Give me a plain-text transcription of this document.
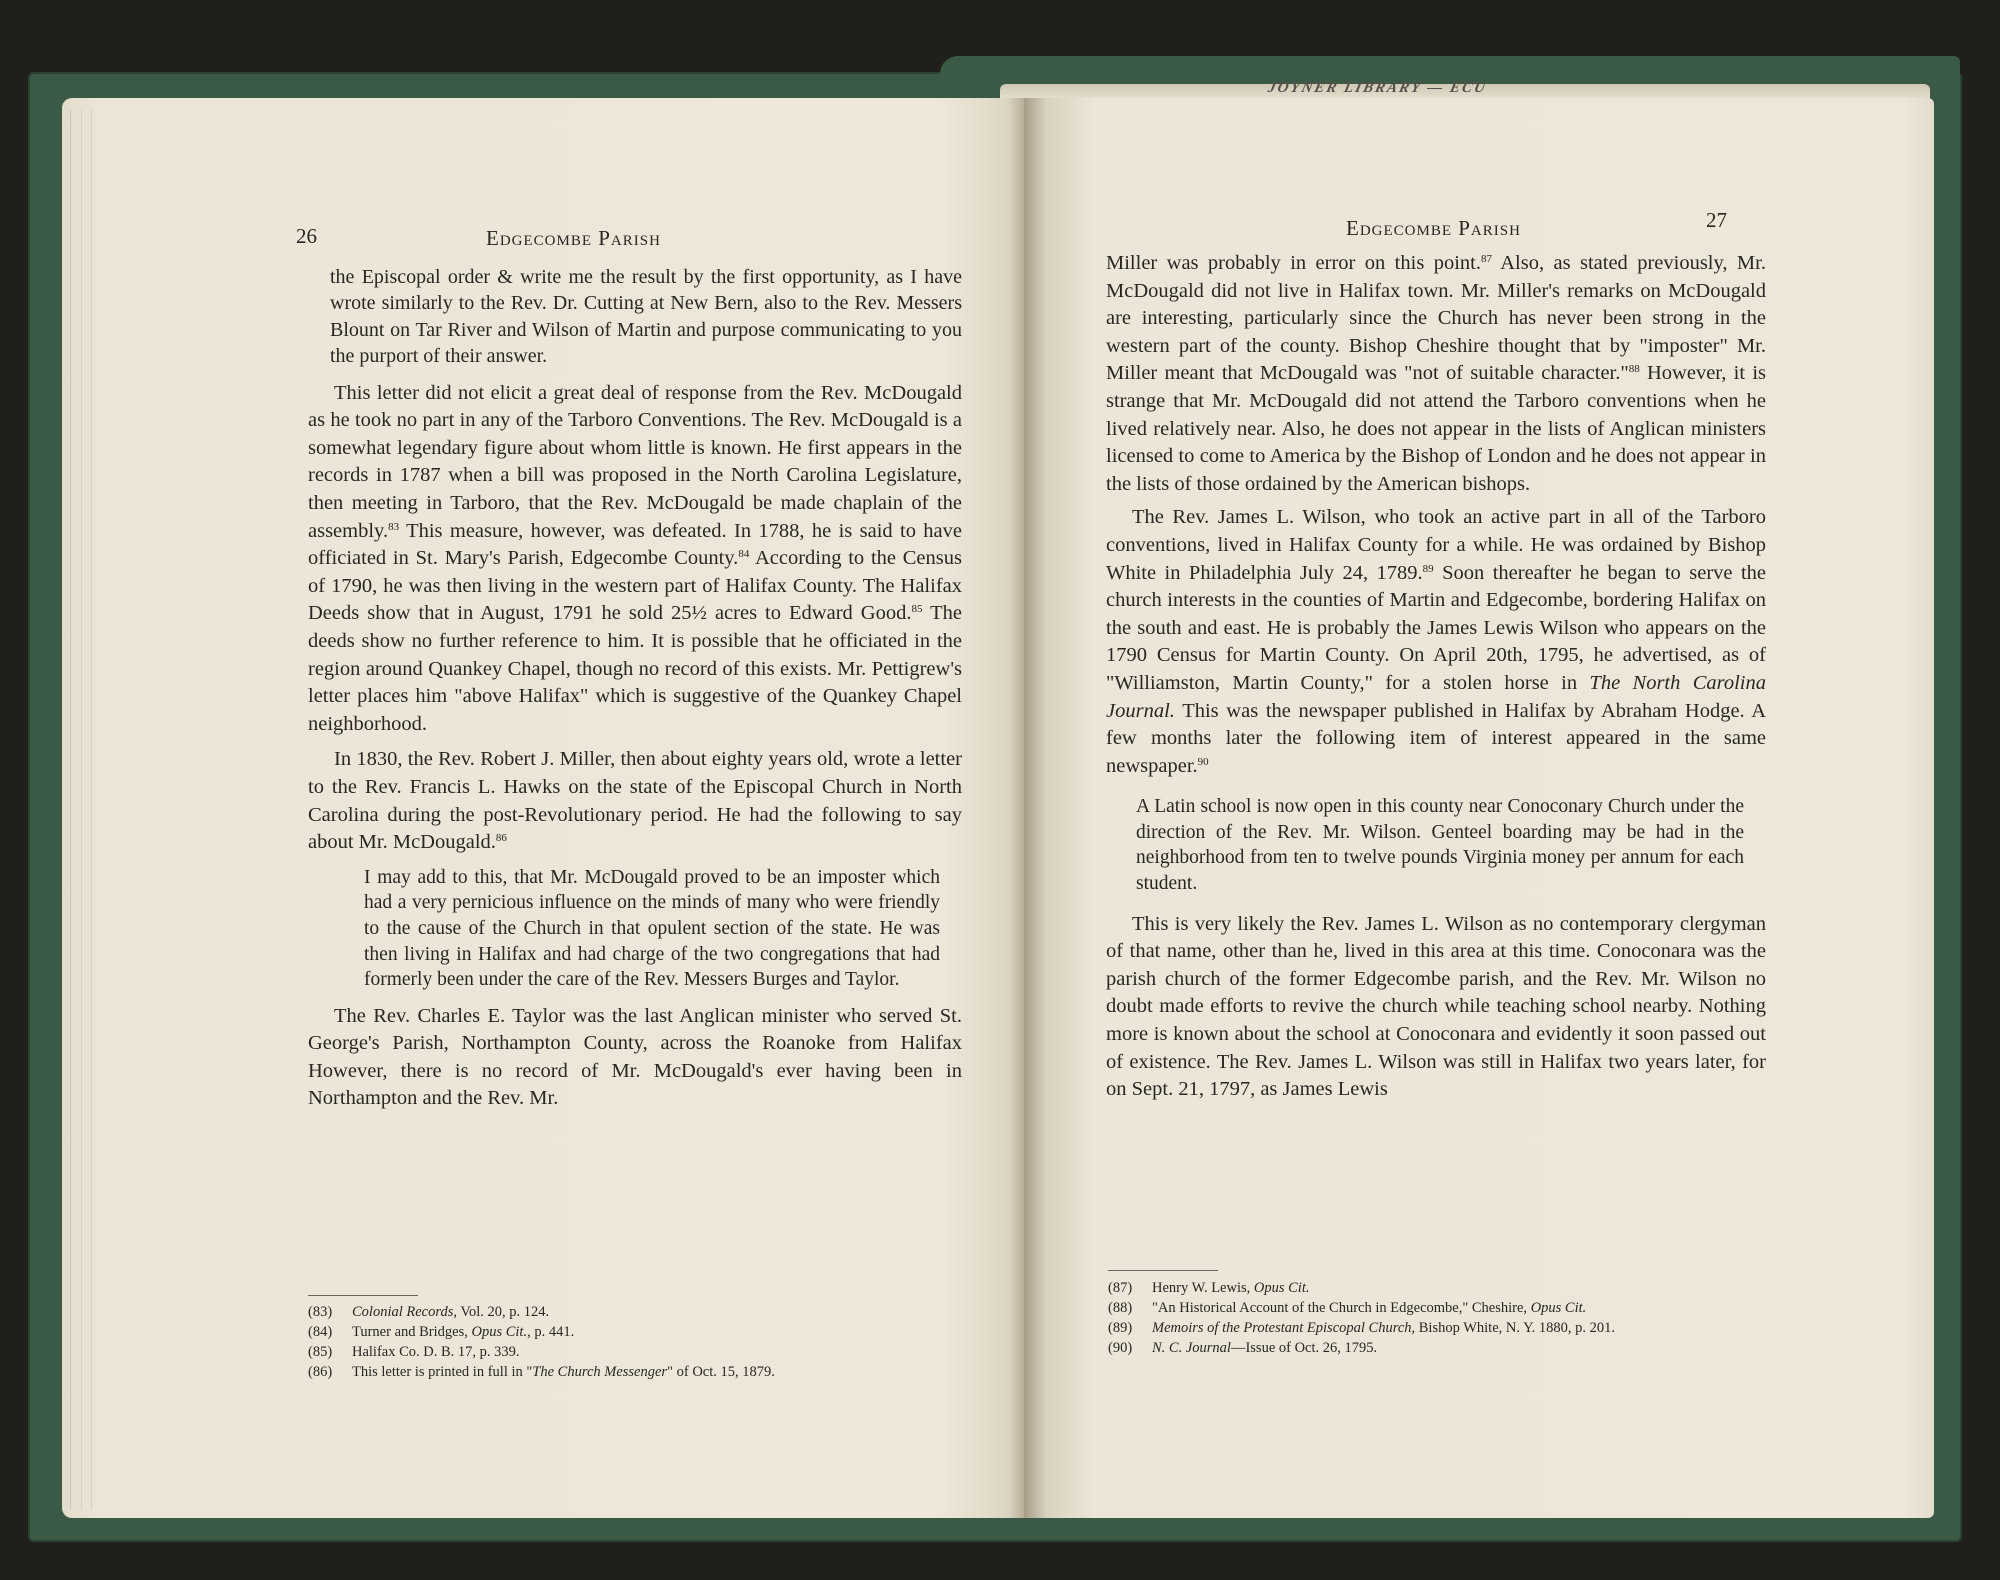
JOYNER LIBRARY — ECU
26	Edgecombe Parish

the Episcopal order & write me the result by the first opportunity, as I have wrote similarly to the Rev. Dr. Cutting at New Bern, also to the Rev. Messers Blount on Tar River and Wilson of Martin and purpose communicating to you the purport of their answer.

This letter did not elicit a great deal of response from the Rev. McDougald as he took no part in any of the Tarboro Conventions. The Rev. McDougald is a somewhat legendary figure about whom little is known. He first appears in the records in 1787 when a bill was proposed in the North Carolina Legislature, then meeting in Tarboro, that the Rev. McDougald be made chaplain of the assembly.$^{83}$ This measure, however, was defeated. In 1788, he is said to have officiated in St. Mary's Parish, Edgecombe County.$^{84}$ According to the Census of 1790, he was then living in the western part of Halifax County. The Halifax Deeds show that in August, 1791 he sold 25½ acres to Edward Good.$^{85}$ The deeds show no further reference to him. It is possible that he officiated in the region around Quankey Chapel, though no record of this exists. Mr. Pettigrew's letter places him "above Halifax" which is suggestive of the Quankey Chapel neighborhood.

In 1830, the Rev. Robert J. Miller, then about eighty years old, wrote a letter to the Rev. Francis L. Hawks on the state of the Episcopal Church in North Carolina during the post-Revolutionary period. He had the following to say about Mr. McDougald.$^{86}$

I may add to this, that Mr. McDougald proved to be an imposter which had a very pernicious influence on the minds of many who were friendly to the cause of the Church in that opulent section of the state. He was then living in Halifax and had charge of the two congregations that had formerly been under the care of the Rev. Messers Burges and Taylor.

The Rev. Charles E. Taylor was the last Anglican minister who served St. George's Parish, Northampton County, across the Roanoke from Halifax However, there is no record of Mr. McDougald's ever having been in Northampton and the Rev. Mr.

(83)	Colonial Records, Vol. 20, p. 124.
(84)	Turner and Bridges, Opus Cit., p. 441.
(85)	Halifax Co. D. B. 17, p. 339.
(86)	This letter is printed in full in "The Church Messenger" of Oct. 15, 1879.
Edgecombe Parish	27

Miller was probably in error on this point.$^{87}$ Also, as stated previously, Mr. McDougald did not live in Halifax town. Mr. Miller's remarks on McDougald are interesting, particularly since the Church has never been strong in the western part of the county. Bishop Cheshire thought that by "imposter" Mr. Miller meant that McDougald was "not of suitable character."$^{88}$ However, it is strange that Mr. McDougald did not attend the Tarboro conventions when he lived relatively near. Also, he does not appear in the lists of Anglican ministers licensed to come to America by the Bishop of London and he does not appear in the lists of those ordained by the American bishops.

The Rev. James L. Wilson, who took an active part in all of the Tarboro conventions, lived in Halifax County for a while. He was ordained by Bishop White in Philadelphia July 24, 1789.89 Soon thereafter he began to serve the church interests in the counties of Martin and Edgecombe, bordering Halifax on the south and east. He is probably the James Lewis Wilson who appears on the 1790 Census for Martin County. On April 20th, 1795, he advertised, as of "Williamston, Martin County," for a stolen horse in The North Carolina Journal. This was the newspaper published in Halifax by Abraham Hodge. A few months later the following item of interest appeared in the same newspaper.$^{90}$

A Latin school is now open in this county near Conoconary Church under the direction of the Rev. Mr. Wilson. Genteel boarding may be had in the neighborhood from ten to twelve pounds Virginia money per annum for each student.

This is very likely the Rev. James L. Wilson as no contemporary clergyman of that name, other than he, lived in this area at this time. Conoconara was the parish church of the former Edgecombe parish, and the Rev. Mr. Wilson no doubt made efforts to revive the church while teaching school nearby. Nothing more is known about the school at Conoconara and evidently it soon passed out of existence. The Rev. James L. Wilson was still in Halifax two years later, for on Sept. 21, 1797, as James Lewis

(87)	Henry W. Lewis, Opus Cit.
(88)	"An Historical Account of the Church in Edgecombe," Cheshire, Opus Cit.
(89)	Memoirs of the Protestant Episcopal Church, Bishop White, N. Y. 1880, p. 201.
(90)	N. C. Journal—Issue of Oct. 26, 1795.
